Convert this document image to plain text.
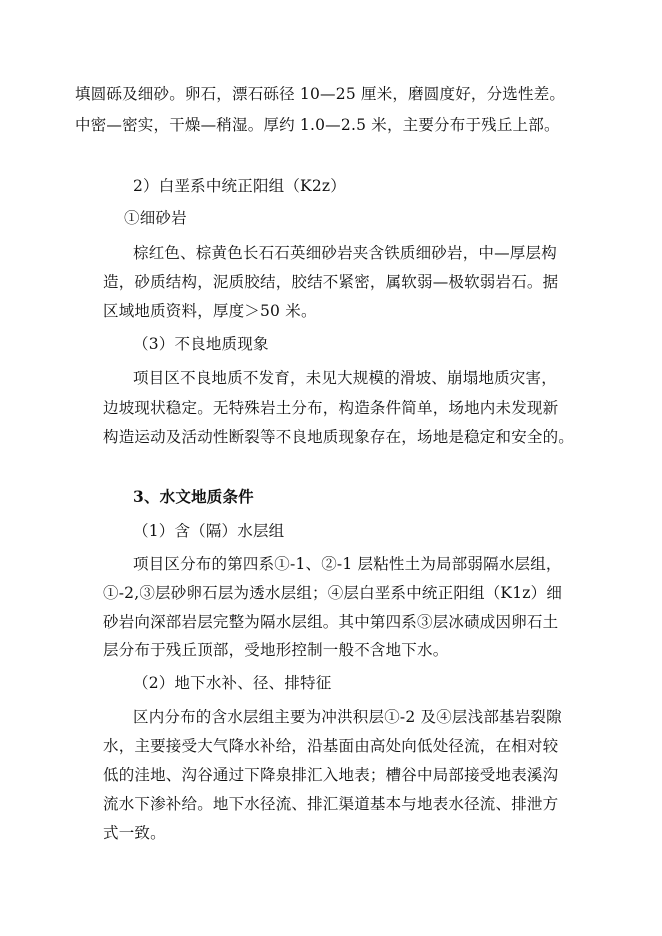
填圆砾及细砂。卵石，漂石砾径 10—25 厘米，磨圆度好，分选性差。
中密—密实，干燥—稍湿。厚约 1.0—2.5 米，主要分布于残丘上部。
2）白垩系中统正阳组（K2z）
①细砂岩
棕红色、棕黄色长石石英细砂岩夹含铁质细砂岩，中—厚层构
造，砂质结构，泥质胶结，胶结不紧密，属软弱—极软弱岩石。据
区域地质资料，厚度＞50 米。
（3）不良地质现象
项目区不良地质不发育，未见大规模的滑坡、崩塌地质灾害，
边坡现状稳定。无特殊岩土分布，构造条件简单，场地内未发现新
构造运动及活动性断裂等不良地质现象存在，场地是稳定和安全的。
3、水文地质条件
（1）含（隔）水层组
项目区分布的第四系①-1、②-1 层粘性土为局部弱隔水层组，
①-2,③层砂卵石层为透水层组；④层白垩系中统正阳组（K1z）细
砂岩向深部岩层完整为隔水层组。其中第四系③层冰碛成因卵石土
层分布于残丘顶部，受地形控制一般不含地下水。
（2）地下水补、径、排特征
区内分布的含水层组主要为冲洪积层①-2 及④层浅部基岩裂隙
水，主要接受大气降水补给，沿基面由高处向低处径流，在相对较
低的洼地、沟谷通过下降泉排汇入地表；槽谷中局部接受地表溪沟
流水下渗补给。地下水径流、排汇渠道基本与地表水径流、排泄方
式一致。
